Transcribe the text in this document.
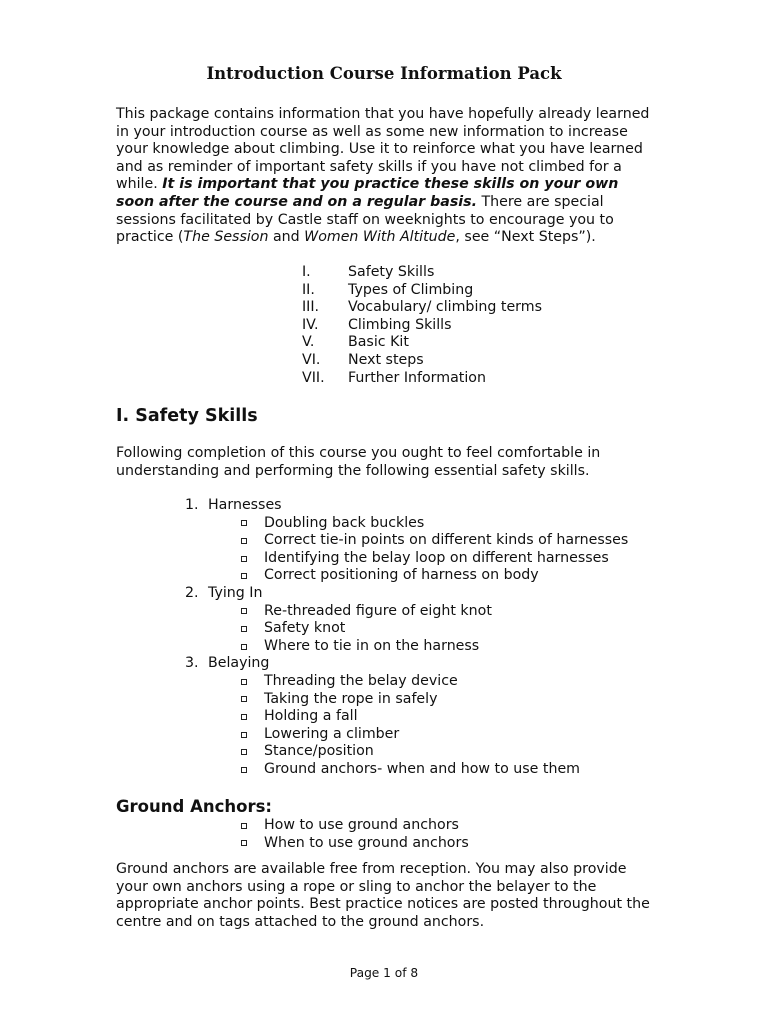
Introduction Course Information Pack

This package contains information that you have hopefully already learned in your introduction course as well as some new information to increase your knowledge about climbing. Use it to reinforce what you have learned and as reminder of important safety skills if you have not climbed for a while. It is important that you practice these skills on your own soon after the course and on a regular basis. There are special sessions facilitated by Castle staff on weeknights to encourage you to practice (The Session and Women With Altitude, see “Next Steps”).

I.	Safety Skills
II.	Types of Climbing
III.	Vocabulary/ climbing terms
IV.	Climbing Skills
V.	Basic Kit
VI.	Next steps
VII.	Further Information
I. Safety Skills

Following completion of this course you ought to feel comfortable in understanding and performing the following essential safety skills.

1. Harnesses
Doubling back buckles
Correct tie-in points on different kinds of harnesses
Identifying the belay loop on different harnesses
Correct positioning of harness on body
2. Tying In
Re-threaded figure of eight knot
Safety knot
Where to tie in on the harness
3. Belaying
Threading the belay device
Taking the rope in safely
Holding a fall
Lowering a climber
Stance/position
Ground anchors- when and how to use them
Ground Anchors:
How to use ground anchors
When to use ground anchors

Ground anchors are available free from reception. You may also provide your own anchors using a rope or sling to anchor the belayer to the appropriate anchor points. Best practice notices are posted throughout the centre and on tags attached to the ground anchors.

Page 1 of 8
